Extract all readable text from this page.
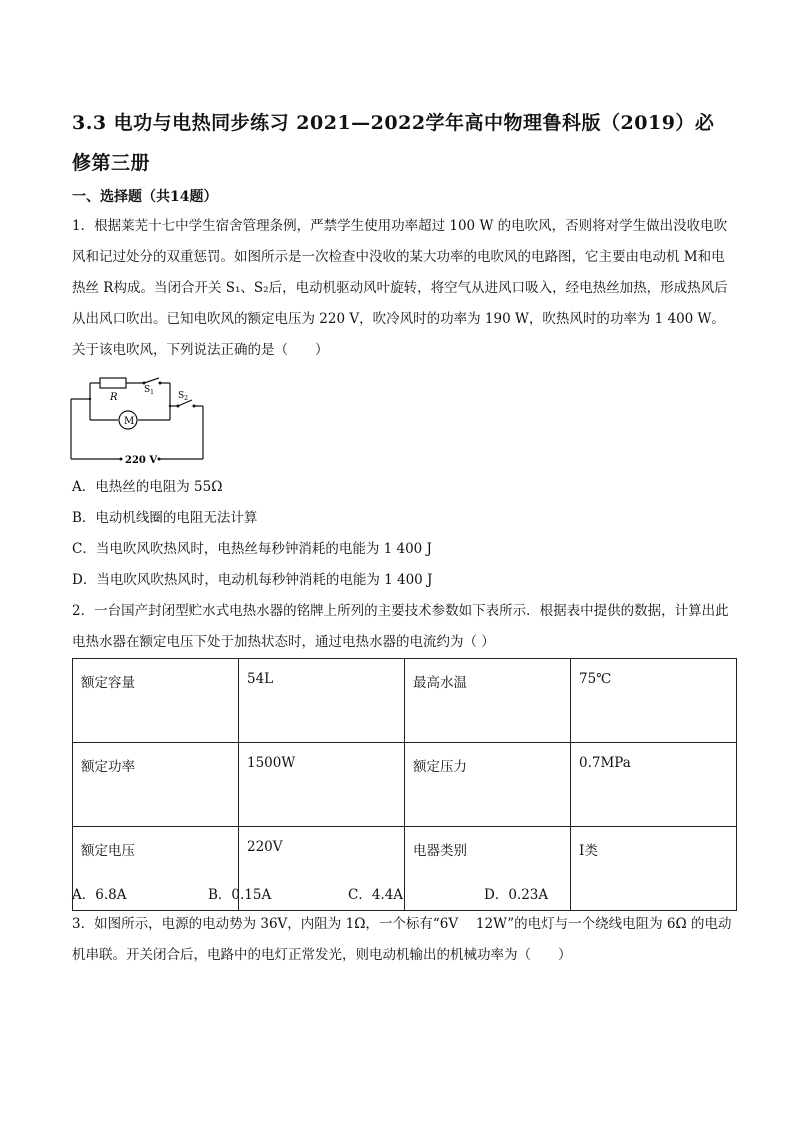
3.3 电功与电热同步练习 2021—2022学年高中物理鲁科版（2019）必修第三册
一、选择题（共14题）
1．根据莱芜十七中学生宿舍管理条例，严禁学生使用功率超过 100 W 的电吹风，否则将对学生做出没收电吹风和记过处分的双重惩罚。如图所示是一次检查中没收的某大功率的电吹风的电路图，它主要由电动机 M和电热丝 R构成。当闭合开关 S₁、S₂后，电动机驱动风叶旋转，将空气从进风口吸入，经电热丝加热，形成热风后从出风口吹出。已知电吹风的额定电压为 220 V，吹冷风时的功率为 190 W，吹热风时的功率为 1 400 W。关于该电吹风，下列说法正确的是（　　）
R
$S_1$	$S_2$
M
220 V
A．电热丝的电阻为 55Ω
B．电动机线圈的电阻无法计算
C．当电吹风吹热风时，电热丝每秒钟消耗的电能为 1 400 J
D．当电吹风吹热风时，电动机每秒钟消耗的电能为 1 400 J
2．一台国产封闭型贮水式电热水器的铭牌上所列的主要技术参数如下表所示．根据表中提供的数据，计算出此电热水器在额定电压下处于加热状态时，通过电热水器的电流约为（ ）
额定容量	54L	最高水温	75℃
额定功率	1500W	额定压力	0.7MPa
额定电压	220V	电器类别	I类
A．6.8A	B．0.15A	C．4.4A	D．0.23A
3．如图所示，电源的电动势为 36V，内阻为 1Ω，一个标有“6V　 12W”的电灯与一个绕线电阻为 6Ω 的电动机串联。开关闭合后，电路中的电灯正常发光，则电动机输出的机械功率为（　　）
